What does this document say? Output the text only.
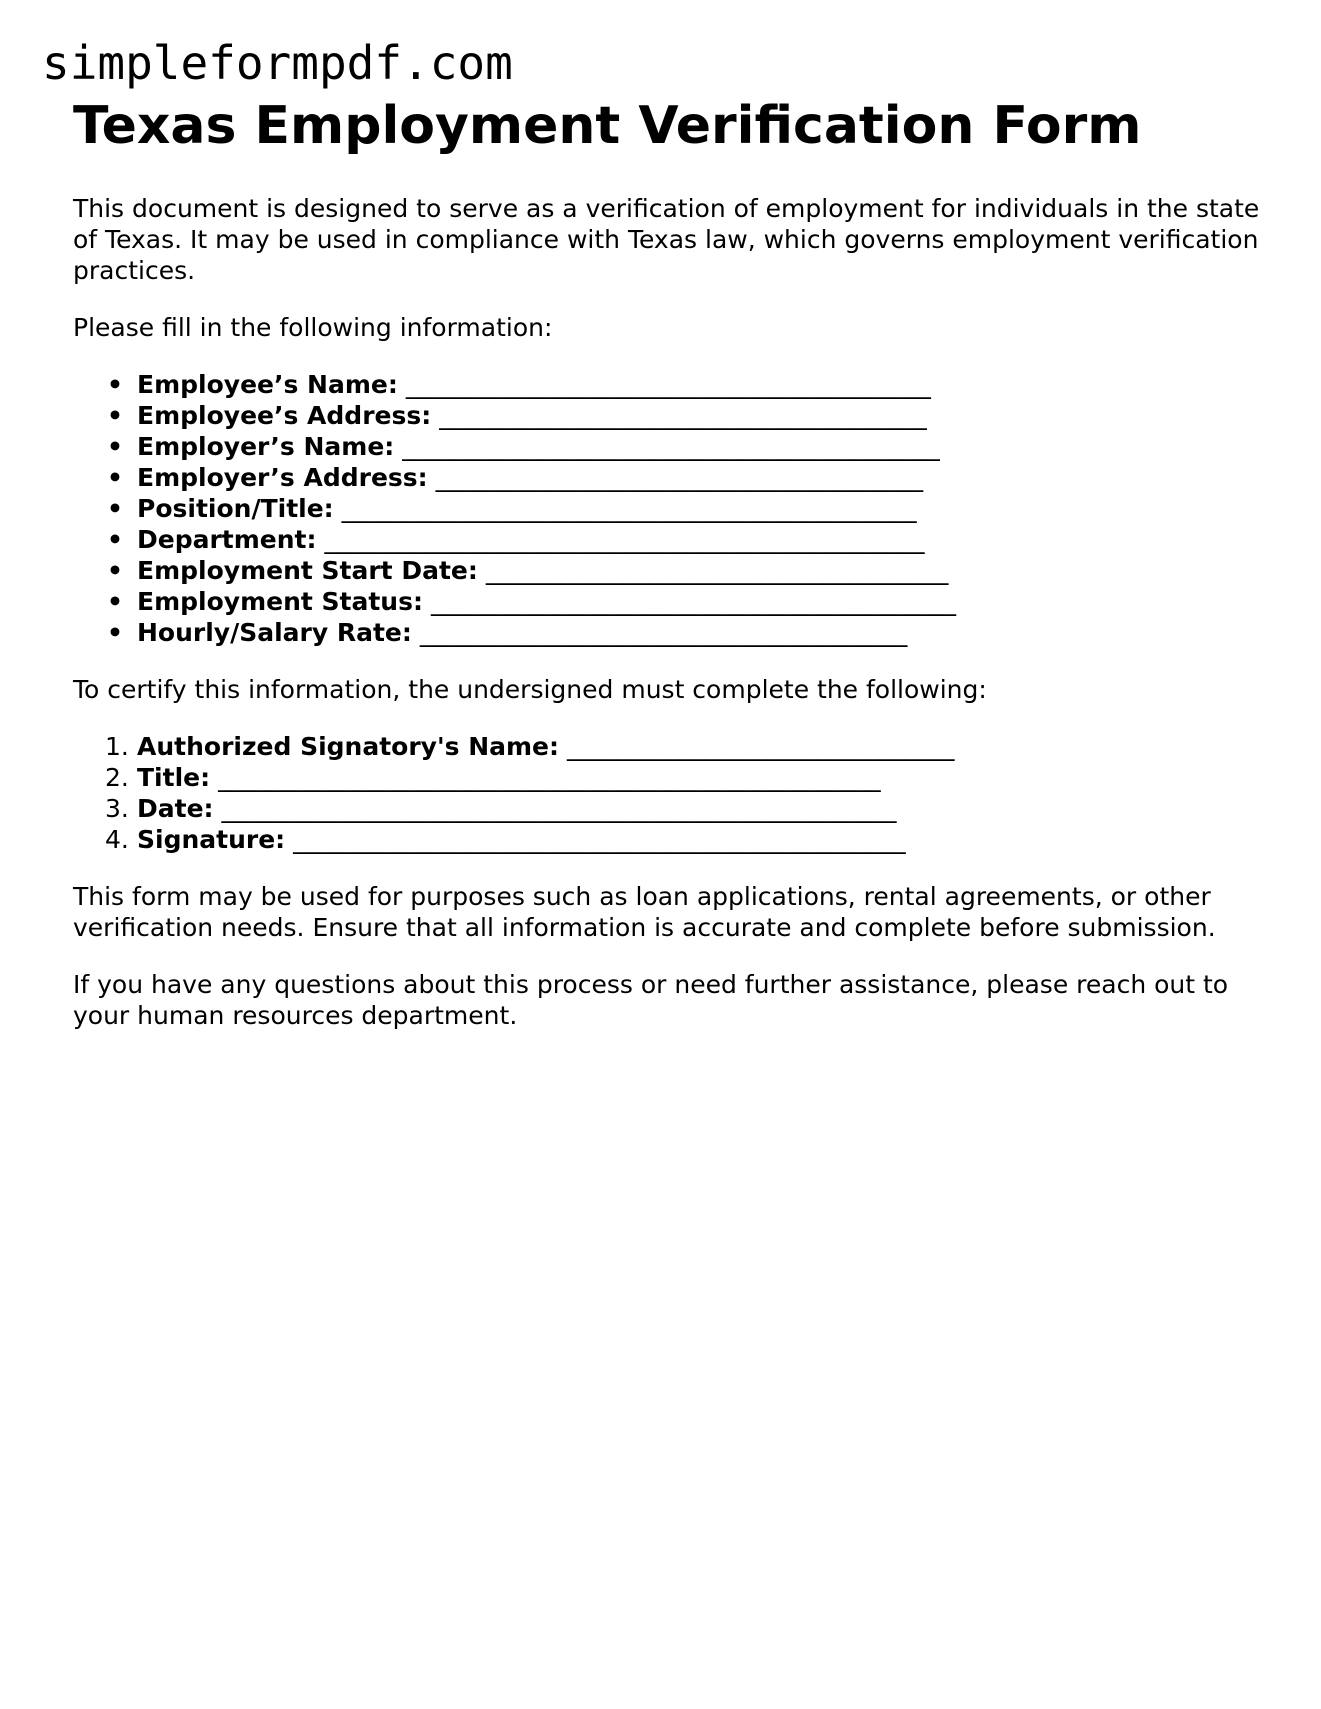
simpleformpdf.com
Texas Employment Verification Form

This document is designed to serve as a verification of employment for individuals in the state of Texas. It may be used in compliance with Texas law, which governs employment verification practices.

Please fill in the following information:

• Employee’s Name: __________________________________________
• Employee’s Address: _______________________________________
• Employer’s Name: ___________________________________________
• Employer’s Address: _______________________________________
• Position/Title: ______________________________________________
• Department: ________________________________________________
• Employment Start Date: _____________________________________
• Employment Status: __________________________________________
• Hourly/Salary Rate: _______________________________________

To certify this information, the undersigned must complete the following:

1. Authorized Signatory's Name: _______________________________
2. Title: _____________________________________________________
3. Date: ______________________________________________________
4. Signature: _________________________________________________

This form may be used for purposes such as loan applications, rental agreements, or other verification needs. Ensure that all information is accurate and complete before submission.

If you have any questions about this process or need further assistance, please reach out to your human resources department.
